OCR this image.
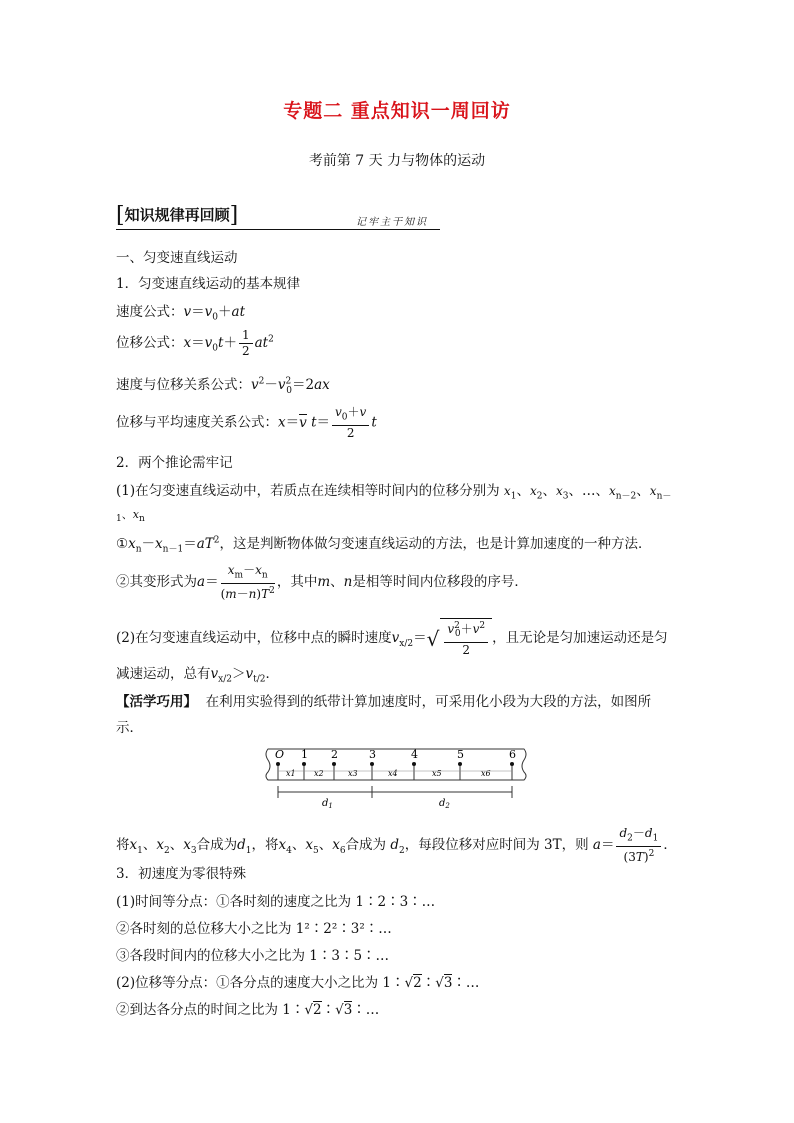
专题二 重点知识一周回访
考前第 7 天 力与物体的运动
[知识规律再回顾]	记牢主干知识
一、匀变速直线运动
1．匀变速直线运动的基本规律
速度公式：$v=v_0+at$
位移公式：$x=v_0t+ \frac{1}{2} at^2$
速度与位移关系公式：$v^2-v^2_0=2ax$
位移与平均速度关系公式：x＝v $t= \frac{v_0+v}{2}$ t
2．两个推论需牢记
(1)在匀变速直线运动中，若质点在连续相等时间内的位移分别为 $x_1$、$x_2$、$x_3$、…、$x_{n-2}$、$x_{n-}$
$_1$、$x_n$
$①x_n-x_{n-1}=aT^2$，这是判断物体做匀变速直线运动的方法，也是计算加速度的一种方法．
②其变形式为$a= \frac{x_m-x_n}{(m-n)T^2}$ ，其中m、n是相等时间内位移段的序号．
(2)在匀变速直线运动中，位移中点的瞬时速度$v_{x/2}=√ \frac{v^2_0+v^2}{2}$ ，且无论是匀加速运动还是匀
减速运动，总有$v_{x/2}>v_{t/2}$．
【活学巧用】 在利用实验得到的纸带计算加速度时，可采用化小段为大段的方法，如图所
示．
O 1 2	3	4	5	6
x1 x2	x3	x4	x5	x6
$d_1$	$d_2$
将$x_1$、$x_2$、$x_3$合成为$d_1$，将$x_4$、$x_5$、$x_6$合成为 $d_2$，每段位移对应时间为 3T，则 $a= \frac{d_2-d_1}{(3T)^2}$ ．
3．初速度为零很特殊
(1)时间等分点：①各时刻的速度之比为 1∶2∶3∶…
②各时刻的总位移大小之比为 1²∶2²∶3²∶…
③各段时间内的位移大小之比为 1∶3∶5∶…
(2)位移等分点：①各分点的速度大小之比为 1∶√2∶√3∶…
②到达各分点的时间之比为 1∶√2∶√3∶…
